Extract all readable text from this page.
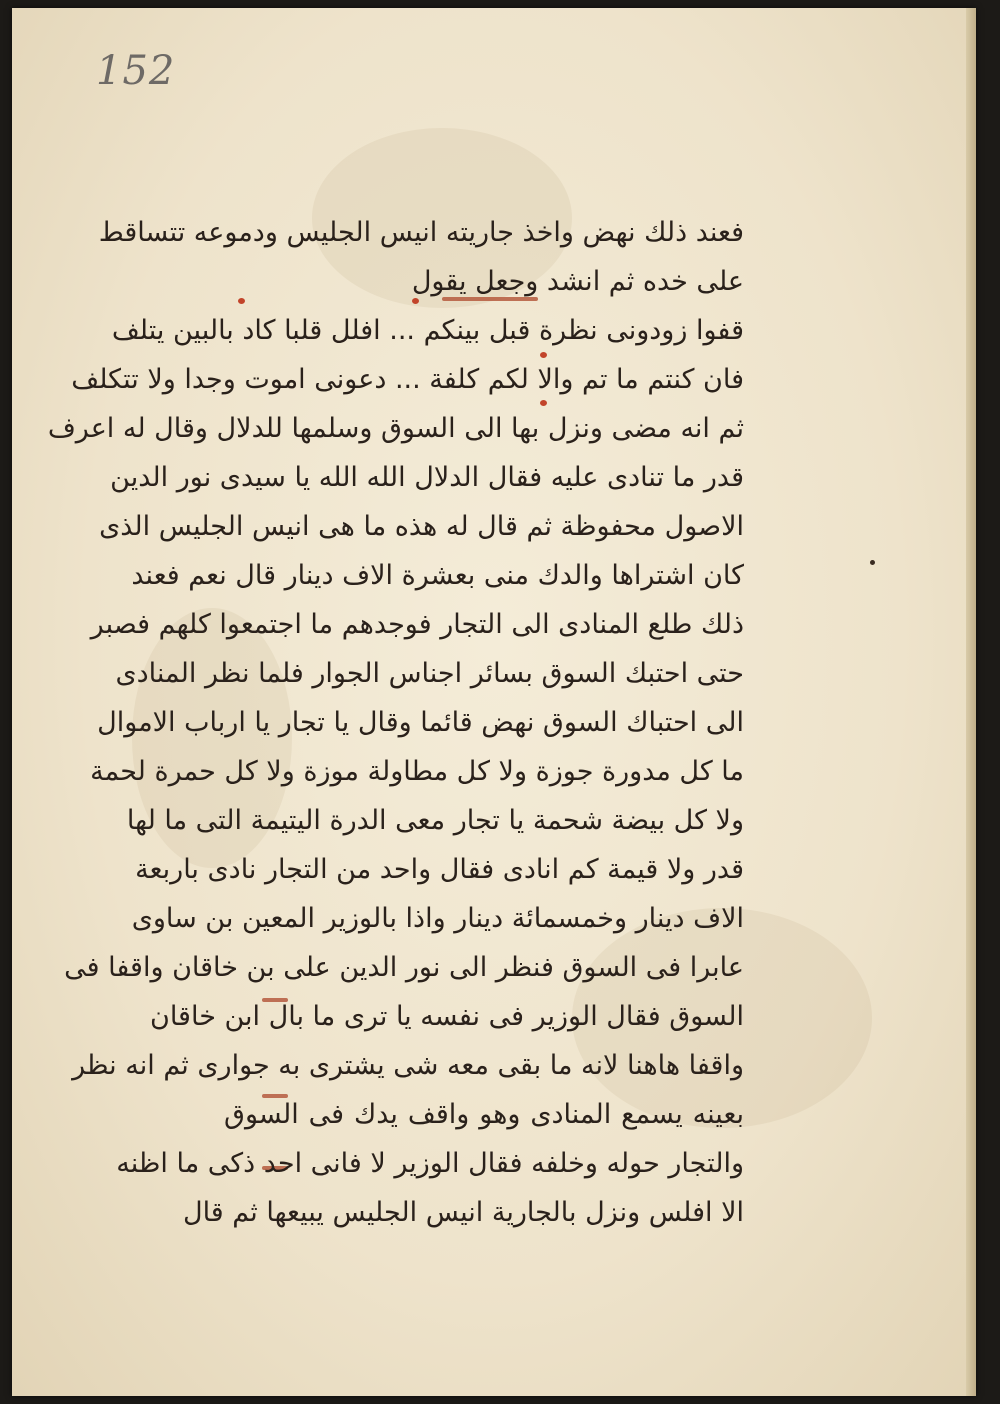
152
فعند ذلك نهض واخذ جاريته انيس الجليس ودموعه تتساقط
على خده ثم انشد وجعل يقول
قفوا زودونى نظرة قبل بينكم ... افلل قلبا كاد بالبين يتلف
فان كنتم ما تم والا لكم كلفة ... دعونى اموت وجدا ولا تتكلف
ثم انه مضى ونزل بها الى السوق وسلمها للدلال وقال له اعرف
قدر ما تنادى عليه فقال الدلال الله الله يا سيدى نور الدين
الاصول محفوظة ثم قال له هذه ما هى انيس الجليس الذى
كان اشتراها والدك منى بعشرة الاف دينار قال نعم فعند
ذلك طلع المنادى الى التجار فوجدهم ما اجتمعوا كلهم فصبر
حتى احتبك السوق بسائر اجناس الجوار فلما نظر المنادى
الى احتباك السوق نهض قائما وقال يا تجار يا ارباب الاموال
ما كل مدورة جوزة ولا كل مطاولة موزة ولا كل حمرة لحمة
ولا كل بيضة شحمة يا تجار معى الدرة اليتيمة التى ما لها
قدر ولا قيمة كم انادى فقال واحد من التجار نادى باربعة
الاف دينار وخمسمائة دينار واذا بالوزير المعين بن ساوى
عابرا فى السوق فنظر الى نور الدين على بن خاقان واقفا فى
السوق فقال الوزير فى نفسه يا ترى ما بال ابن خاقان
واقفا هاهنا لانه ما بقى معه شى يشترى به جوارى ثم انه نظر
بعينه يسمع المنادى وهو واقف يدك فى السوق
والتجار حوله وخلفه فقال الوزير لا فانى احد ذكى ما اظنه
الا افلس ونزل بالجارية انيس الجليس يبيعها ثم قال
